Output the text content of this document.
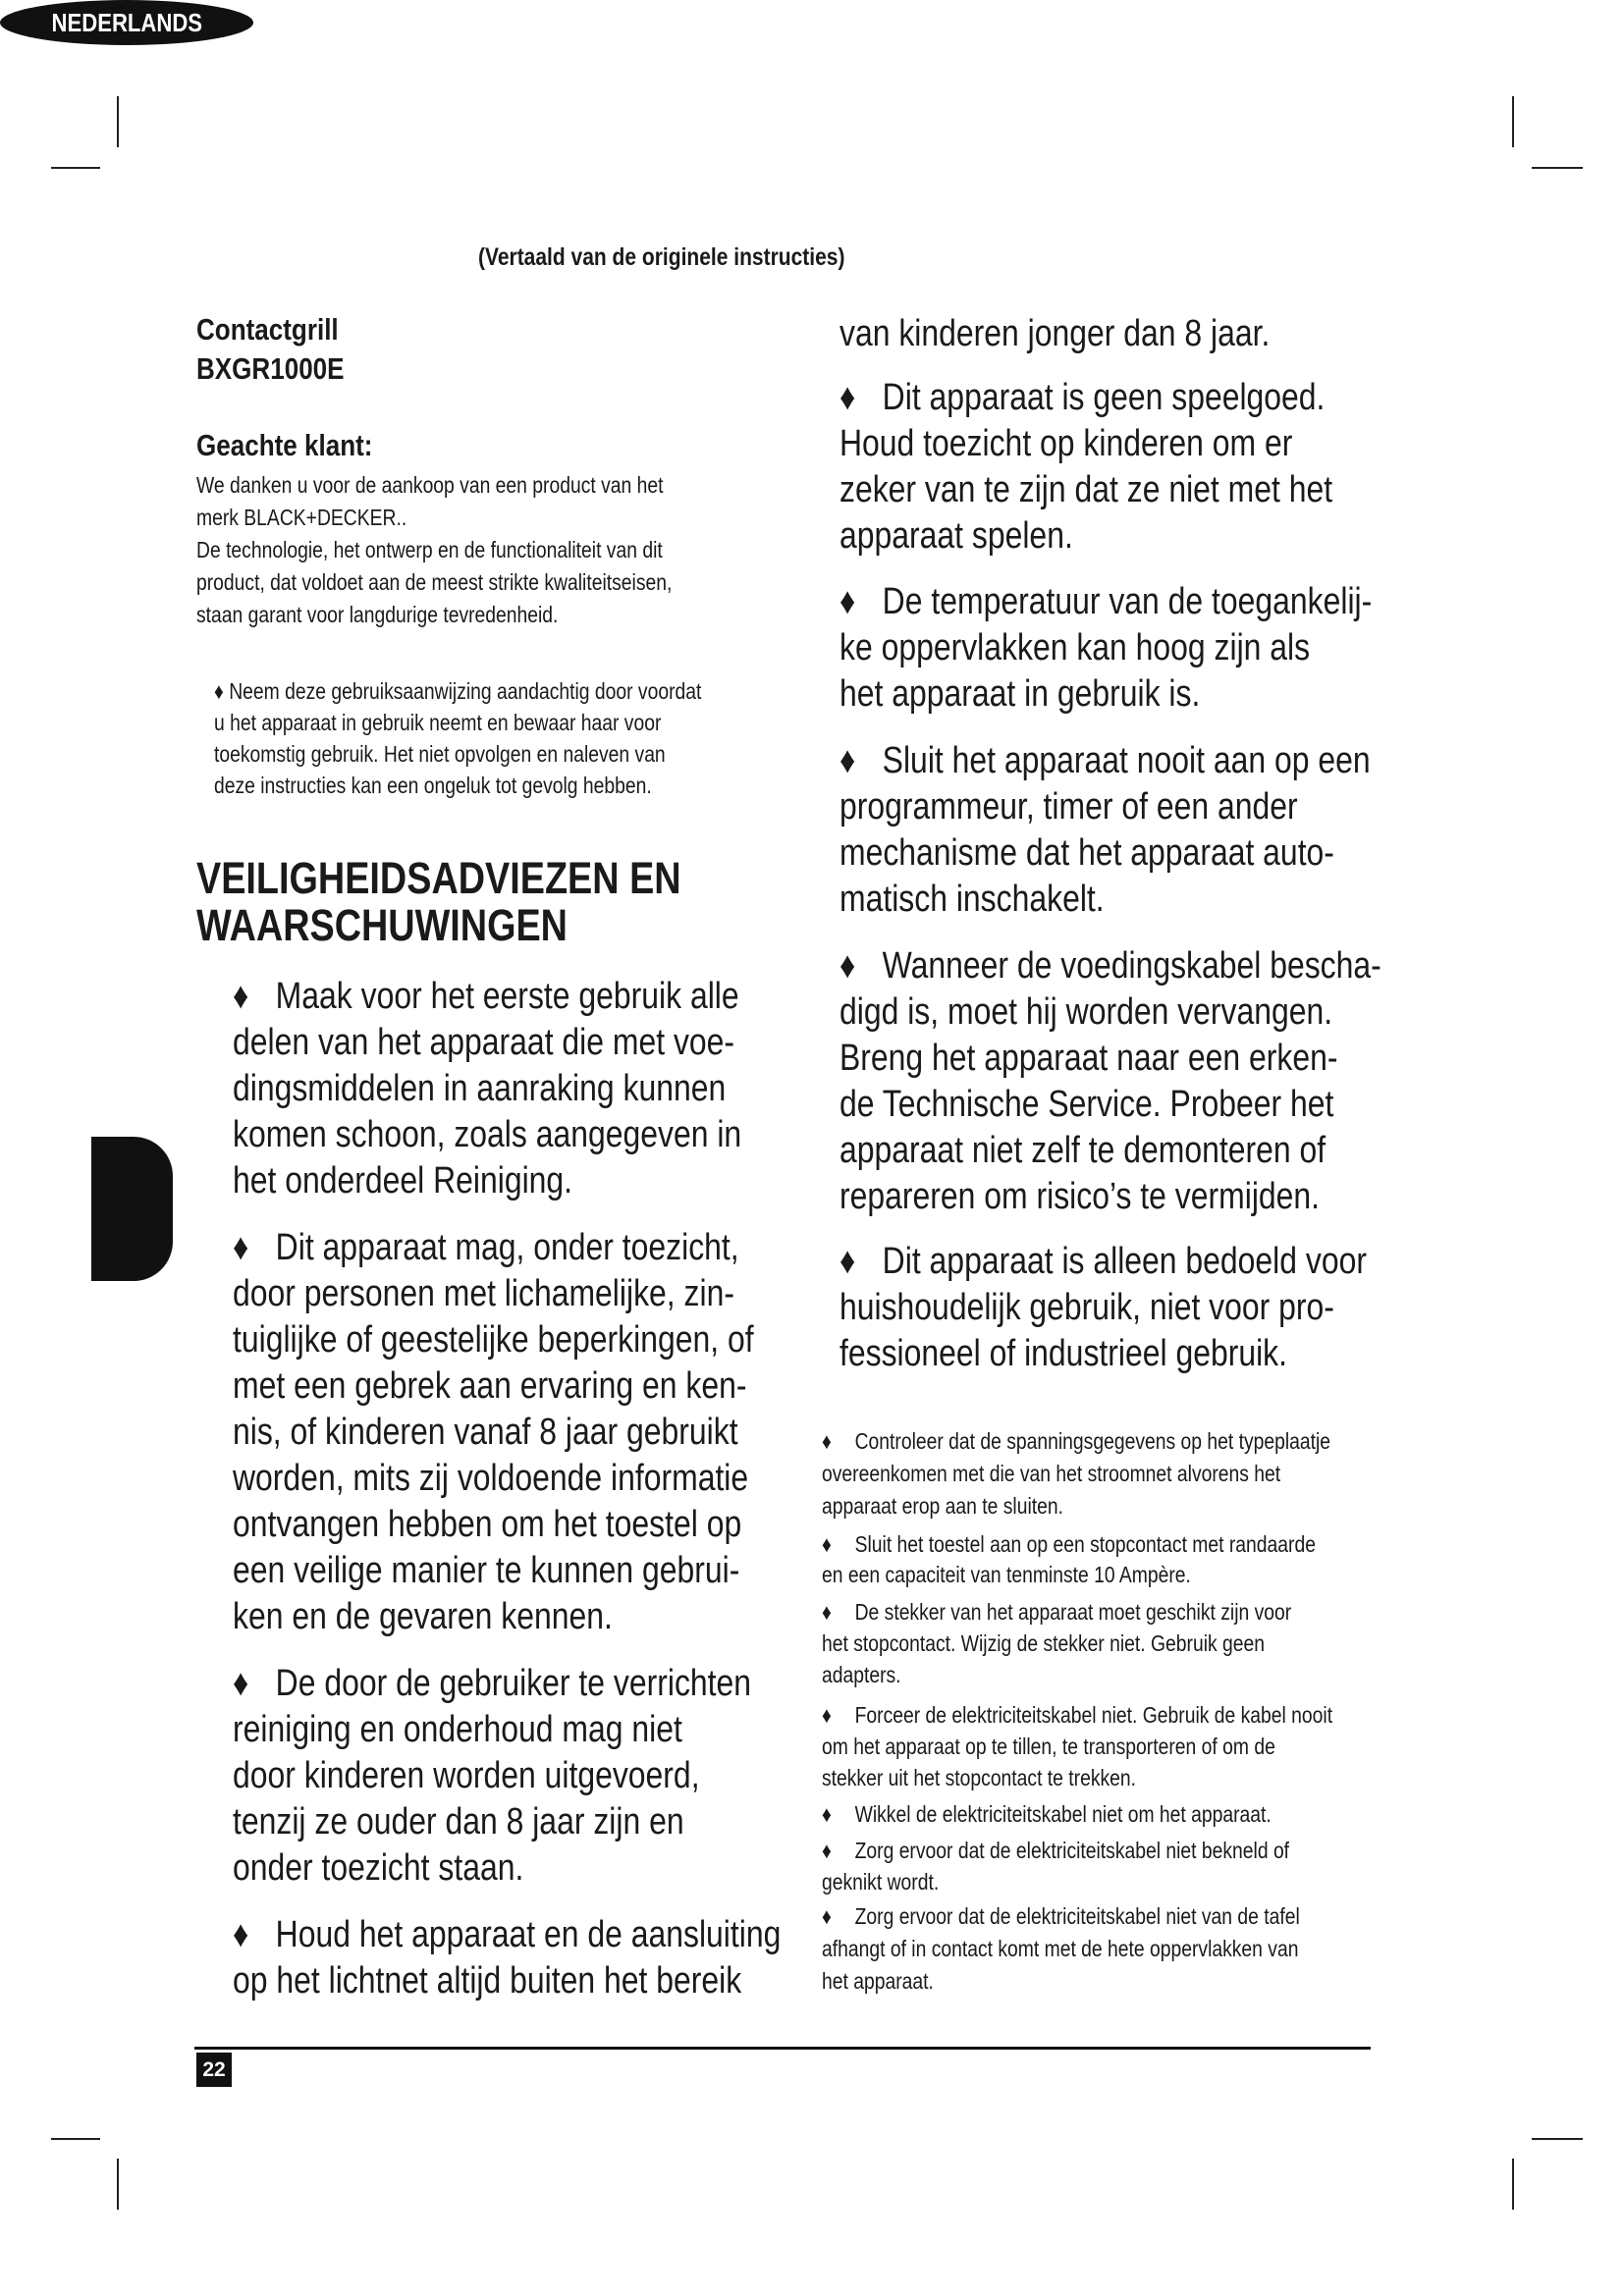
NEDERLANDS
(Vertaald van de originele instructies)
Contactgrill
BXGR1000E
Geachte klant:
We danken u voor de aankoop van een product van het
merk BLACK+DECKER..
De technologie, het ontwerp en de functionaliteit van dit
product, dat voldoet aan de meest strikte kwaliteitseisen,
staan garant voor langdurige tevredenheid.
♦ Neem deze gebruiksaanwijzing aandachtig door voordat
u het apparaat in gebruik neemt en bewaar haar voor
toekomstig gebruik. Het niet opvolgen en naleven van
deze instructies kan een ongeluk tot gevolg hebben.
VEILIGHEIDSADVIEZEN EN
WAARSCHUWINGEN
♦ Maak voor het eerste gebruik alle
delen van het apparaat die met voe-
dingsmiddelen in aanraking kunnen
komen schoon, zoals aangegeven in
het onderdeel Reiniging.
♦ Dit apparaat mag, onder toezicht,
door personen met lichamelijke, zin-
tuiglijke of geestelijke beperkingen, of
met een gebrek aan ervaring en ken-
nis, of kinderen vanaf 8 jaar gebruikt
worden, mits zij voldoende informatie
ontvangen hebben om het toestel op
een veilige manier te kunnen gebrui-
ken en de gevaren kennen.
♦ De door de gebruiker te verrichten
reiniging en onderhoud mag niet
door kinderen worden uitgevoerd,
tenzij ze ouder dan 8 jaar zijn en
onder toezicht staan.
♦ Houd het apparaat en de aansluiting
op het lichtnet altijd buiten het bereik
van kinderen jonger dan 8 jaar.
♦ Dit apparaat is geen speelgoed.
Houd toezicht op kinderen om er
zeker van te zijn dat ze niet met het
apparaat spelen.
♦ De temperatuur van de toegankelij-
ke oppervlakken kan hoog zijn als
het apparaat in gebruik is.
♦ Sluit het apparaat nooit aan op een
programmeur, timer of een ander
mechanisme dat het apparaat auto-
matisch inschakelt.
♦ Wanneer de voedingskabel bescha-
digd is, moet hij worden vervangen.
Breng het apparaat naar een erken-
de Technische Service. Probeer het
apparaat niet zelf te demonteren of
repareren om risico’s te vermijden.
♦ Dit apparaat is alleen bedoeld voor
huishoudelijk gebruik, niet voor pro-
fessioneel of industrieel gebruik.
♦ Controleer dat de spanningsgegevens op het typeplaatje
overeenkomen met die van het stroomnet alvorens het
apparaat erop aan te sluiten.
♦ Sluit het toestel aan op een stopcontact met randaarde
en een capaciteit van tenminste 10 Ampère.
♦ De stekker van het apparaat moet geschikt zijn voor
het stopcontact. Wijzig de stekker niet. Gebruik geen
adapters.
♦ Forceer de elektriciteitskabel niet. Gebruik de kabel nooit
om het apparaat op te tillen, te transporteren of om de
stekker uit het stopcontact te trekken.
♦ Wikkel de elektriciteitskabel niet om het apparaat.
♦ Zorg ervoor dat de elektriciteitskabel niet bekneld of
geknikt wordt.
♦ Zorg ervoor dat de elektriciteitskabel niet van de tafel
afhangt of in contact komt met de hete oppervlakken van
het apparaat.
22
